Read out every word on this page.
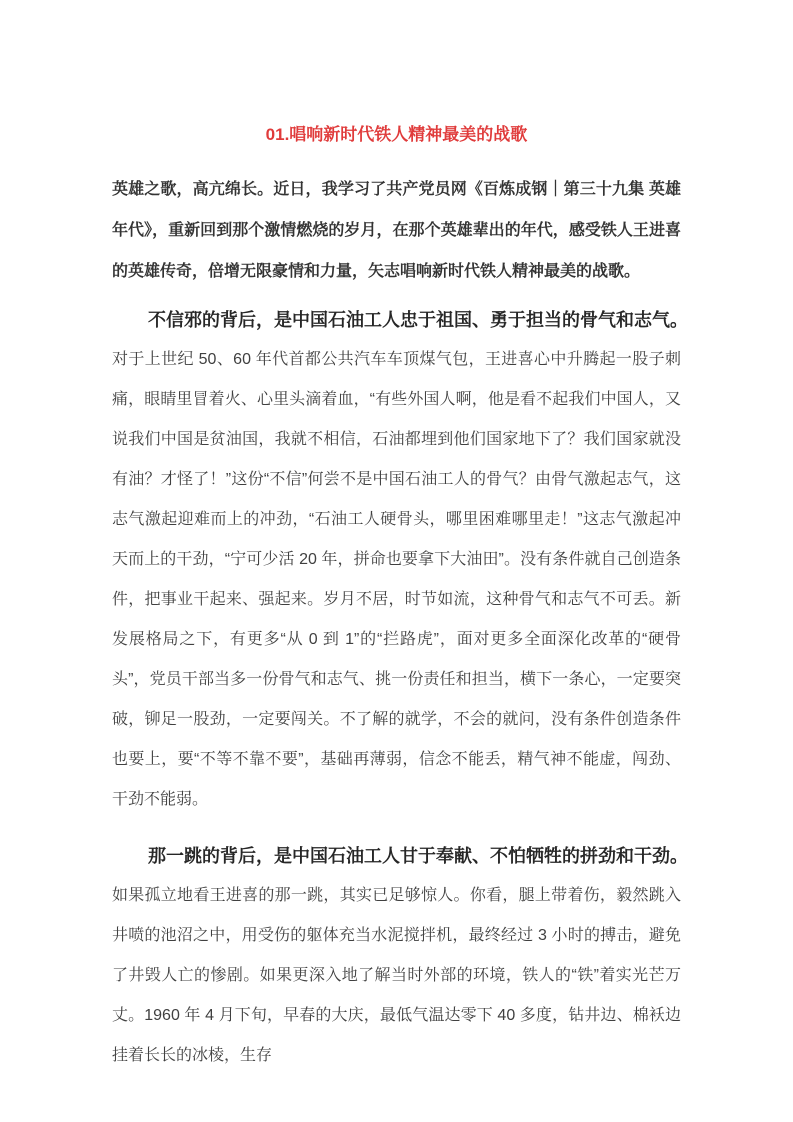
01.唱响新时代铁人精神最美的战歌

英雄之歌，高亢绵长。近日，我学习了共产党员网《百炼成钢｜第三十九集 英雄年代》，重新回到那个激情燃烧的岁月，在那个英雄辈出的年代，感受铁人王进喜的英雄传奇，倍增无限豪情和力量，矢志唱响新时代铁人精神最美的战歌。

不信邪的背后，是中国石油工人忠于祖国、勇于担当的骨气和志气。

对于上世纪 50、60 年代首都公共汽车车顶煤气包，王进喜心中升腾起一股子刺痛，眼睛里冒着火、心里头滴着血，“有些外国人啊，他是看不起我们中国人，又说我们中国是贫油国，我就不相信，石油都埋到他们国家地下了？我们国家就没有油？才怪了！”这份“不信”何尝不是中国石油工人的骨气？由骨气激起志气，这志气激起迎难而上的冲劲，“石油工人硬骨头，哪里困难哪里走！”这志气激起冲天而上的干劲，“宁可少活 20 年，拼命也要拿下大油田”。没有条件就自己创造条件，把事业干起来、强起来。岁月不居，时节如流，这种骨气和志气不可丢。新发展格局之下，有更多“从 0 到 1”的“拦路虎”，面对更多全面深化改革的“硬骨头”，党员干部当多一份骨气和志气、挑一份责任和担当，横下一条心，一定要突破，铆足一股劲，一定要闯关。不了解的就学，不会的就问，没有条件创造条件也要上，要“不等不靠不要”，基础再薄弱，信念不能丢，精气神不能虚，闯劲、干劲不能弱。

那一跳的背后，是中国石油工人甘于奉献、不怕牺牲的拼劲和干劲。

如果孤立地看王进喜的那一跳，其实已足够惊人。你看，腿上带着伤，毅然跳入井喷的池沼之中，用受伤的躯体充当水泥搅拌机，最终经过 3 小时的搏击，避免了井毁人亡的惨剧。如果更深入地了解当时外部的环境，铁人的“铁”着实光芒万丈。1960 年 4 月下旬，早春的大庆，最低气温达零下 40 多度，钻井边、棉袄边挂着长长的冰棱，生存
